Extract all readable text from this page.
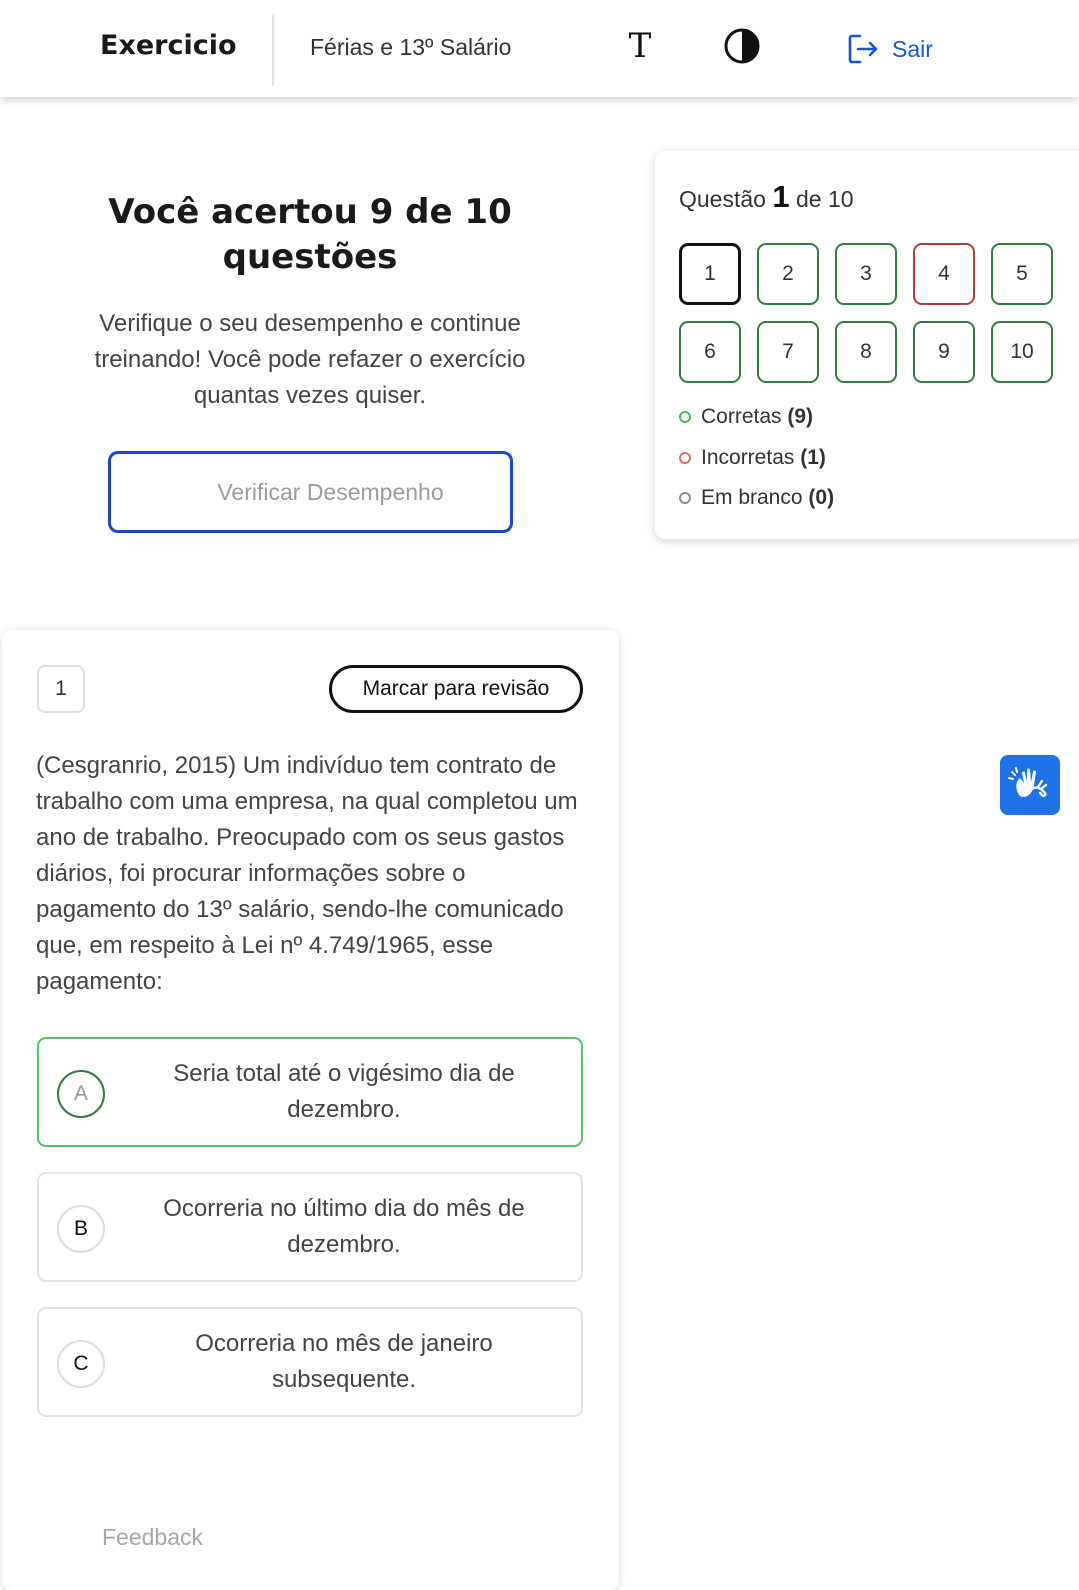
Exercicio	Férias e 13º Salário	T	Sair
Você acertou 9 de 10 questões
Verifique o seu desempenho e continue treinando! Você pode refazer o exercício quantas vezes quiser.
Verificar Desempenho
Questão 1 de 10
1	2	3	4	5
6	7	8	9	10
Corretas (9)
Incorretas (1)
Em branco (0)
1	Marcar para revisão
(Cesgranrio, 2015) Um indivíduo tem contrato de trabalho com uma empresa, na qual completou um ano de trabalho. Preocupado com os seus gastos diários, foi procurar informações sobre o pagamento do 13º salário, sendo-lhe comunicado que, em respeito à Lei nº 4.749/1965, esse pagamento:
A
Seria total até o vigésimo dia de dezembro.
B
Ocorreria no último dia do mês de dezembro.
C
Ocorreria no mês de janeiro subsequente.
Feedback
